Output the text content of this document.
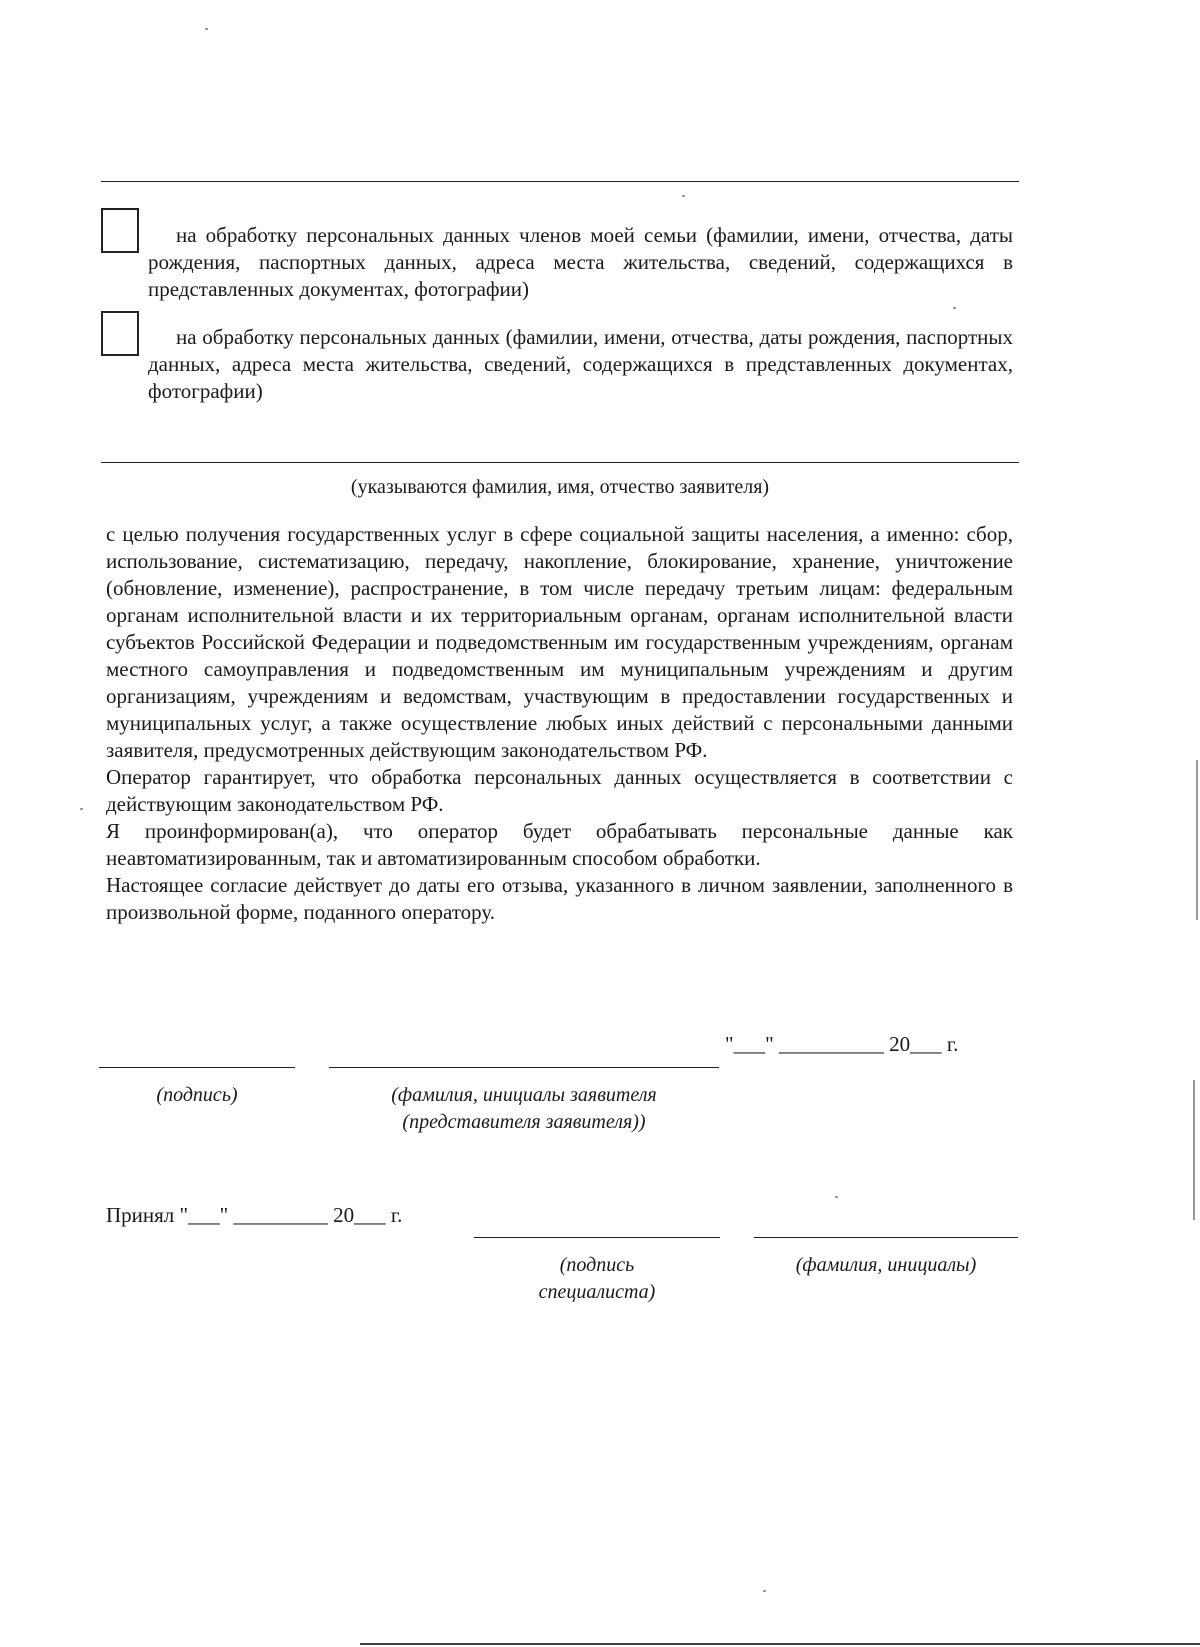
на обработку персональных данных членов моей семьи (фамилии, имени, отчества, даты рождения, паспортных данных, адреса места жительства, сведений, содержащихся в представленных документах, фотографии)
на обработку персональных данных (фамилии, имени, отчества, даты рождения, паспортных данных, адреса места жительства, сведений, содержащихся в представленных документах, фотографии)
(указываются фамилия, имя, отчество заявителя)

с целью получения государственных услуг в сфере социальной защиты населения, а именно: сбор, использование, систематизацию, передачу, накопление, блокирование, хранение, уничтожение (обновление, изменение), распространение, в том числе передачу третьим лицам: федеральным органам исполнительной власти и их территориальным органам, органам исполнительной власти субъектов Российской Федерации и подведомственным им государственным учреждениям, органам местного самоуправления и подведомственным им муниципальным учреждениям и другим организациям, учреждениям и ведомствам, участвующим в предоставлении государственных и муниципальных услуг, а также осуществление любых иных действий с персональными данными заявителя, предусмотренных действующим законодательством РФ.

Оператор гарантирует, что обработка персональных данных осуществляется в соответствии с действующим законодательством РФ.

Я проинформирован(а), что оператор будет обрабатывать персональные данные как неавтоматизированным, так и автоматизированным способом обработки.

Настоящее согласие действует до даты его отзыва, указанного в личном заявлении, заполненного в произвольной форме, поданного оператору.

"___" __________ 20___ г.
(подпись)	(фамилия, инициалы заявителя
(представителя заявителя))
Принял "___" _________ 20___ г.
(подпись
специалиста)
(фамилия, инициалы)
